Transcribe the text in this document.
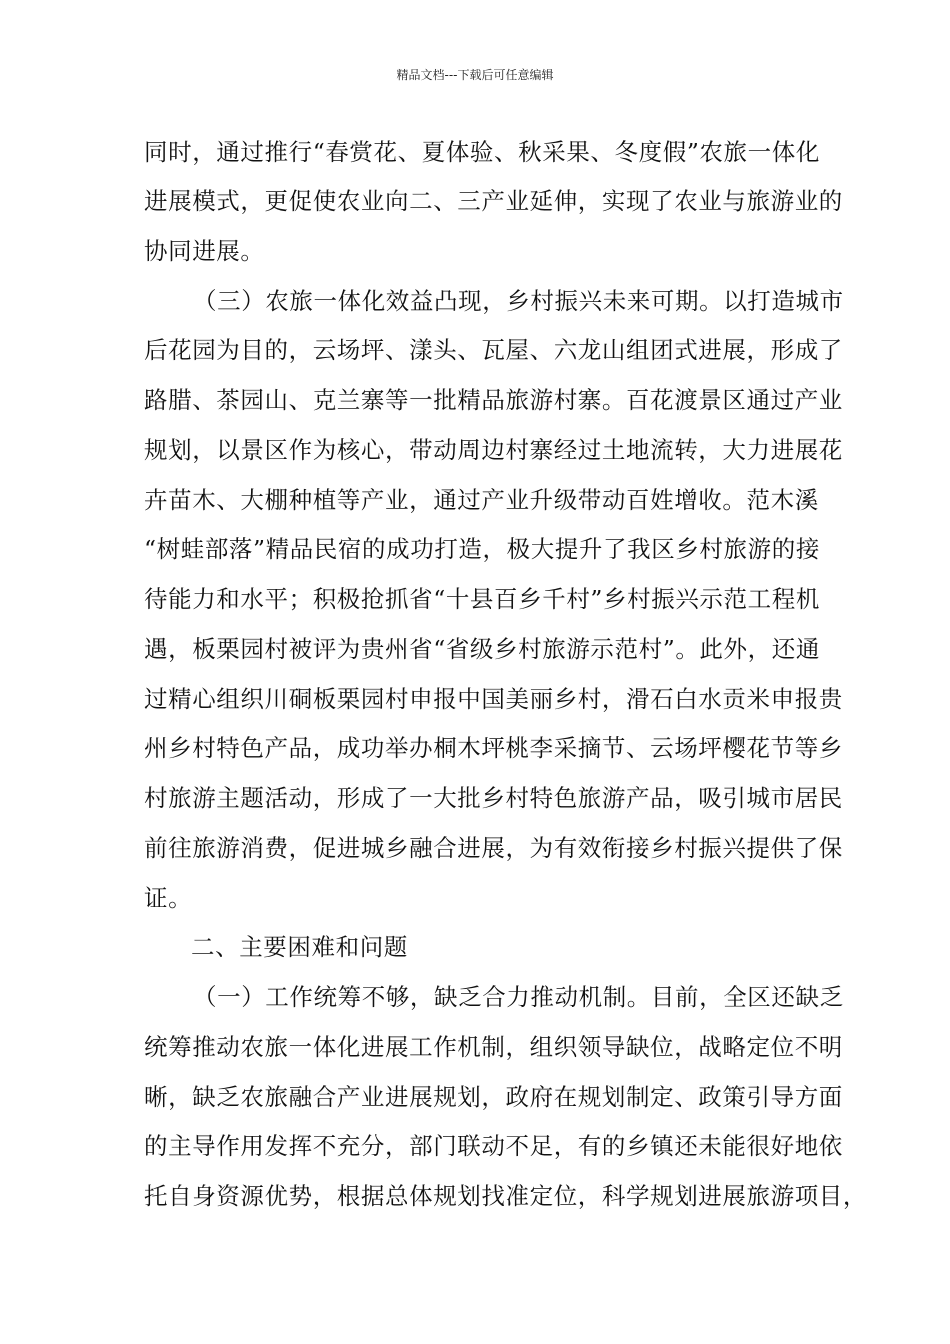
精品文档---下载后可任意编辑
同时，通过推行“春赏花、夏体验、秋采果、冬度假”农旅一体化
进展模式，更促使农业向二、三产业延伸，实现了农业与旅游业的
协同进展。
（三）农旅一体化效益凸现，乡村振兴未来可期。以打造城市
后花园为目的，云场坪、漾头、瓦屋、六龙山组团式进展，形成了
路腊、茶园山、克兰寨等一批精品旅游村寨。百花渡景区通过产业
规划，以景区作为核心，带动周边村寨经过土地流转，大力进展花
卉苗木、大棚种植等产业，通过产业升级带动百姓增收。范木溪
“树蛙部落”精品民宿的成功打造，极大提升了我区乡村旅游的接
待能力和水平；积极抢抓省“十县百乡千村”乡村振兴示范工程机
遇，板栗园村被评为贵州省“省级乡村旅游示范村”。此外，还通
过精心组织川硐板栗园村申报中国美丽乡村，滑石白水贡米申报贵
州乡村特色产品，成功举办桐木坪桃李采摘节、云场坪樱花节等乡
村旅游主题活动，形成了一大批乡村特色旅游产品，吸引城市居民
前往旅游消费，促进城乡融合进展，为有效衔接乡村振兴提供了保
证。
二、主要困难和问题
（一）工作统筹不够，缺乏合力推动机制。目前，全区还缺乏
统筹推动农旅一体化进展工作机制，组织领导缺位，战略定位不明
晰，缺乏农旅融合产业进展规划，政府在规划制定、政策引导方面
的主导作用发挥不充分，部门联动不足，有的乡镇还未能很好地依
托自身资源优势，根据总体规划找准定位，科学规划进展旅游项目，
